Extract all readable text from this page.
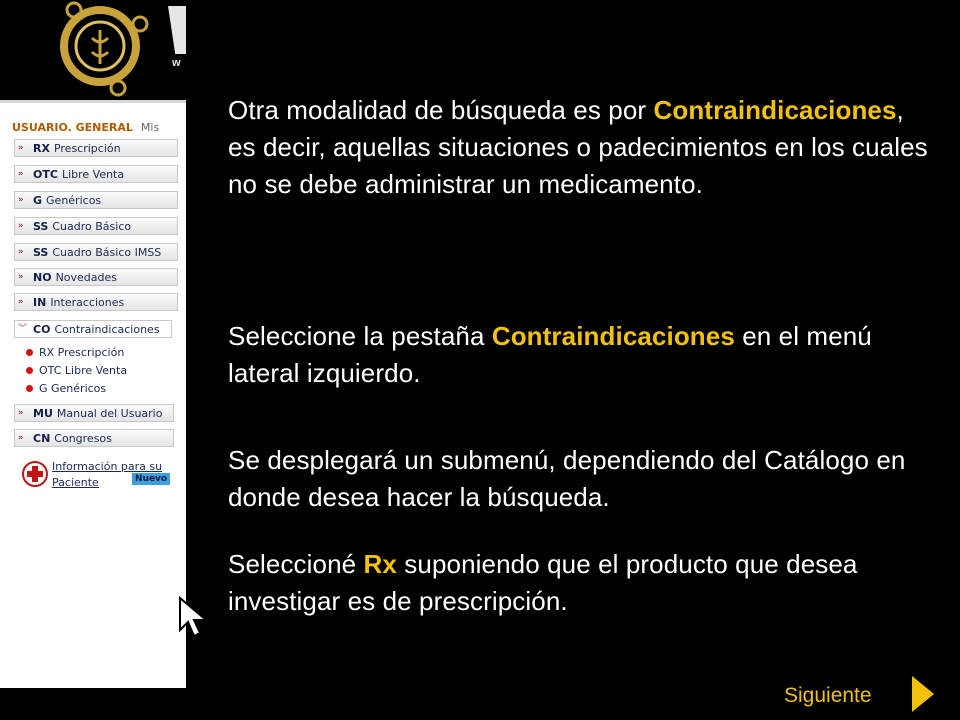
w
USUARIO. GENERAL Mis
» RX Prescripción
» OTC Libre Venta
» G Genéricos
» SS Cuadro Básico
» SS Cuadro Básico IMSS
» NO Novedades
» IN Interacciones
︾ CO Contraindicaciones
RX Prescripción
OTC Libre Venta
G Genéricos
» MU Manual del Usuario
» CN Congresos
Información para su Paciente	Nuevo
Otra modalidad de búsqueda es por Contraindicaciones, es decir, aquellas situaciones o padecimientos en los cuales no se debe administrar un medicamento.
Seleccione la pestaña Contraindicaciones en el menú lateral izquierdo.
Se desplegará un submenú, dependiendo del Catálogo en donde desea hacer la búsqueda.
Seleccioné Rx suponiendo que el producto que desea investigar es de prescripción.
Siguiente
